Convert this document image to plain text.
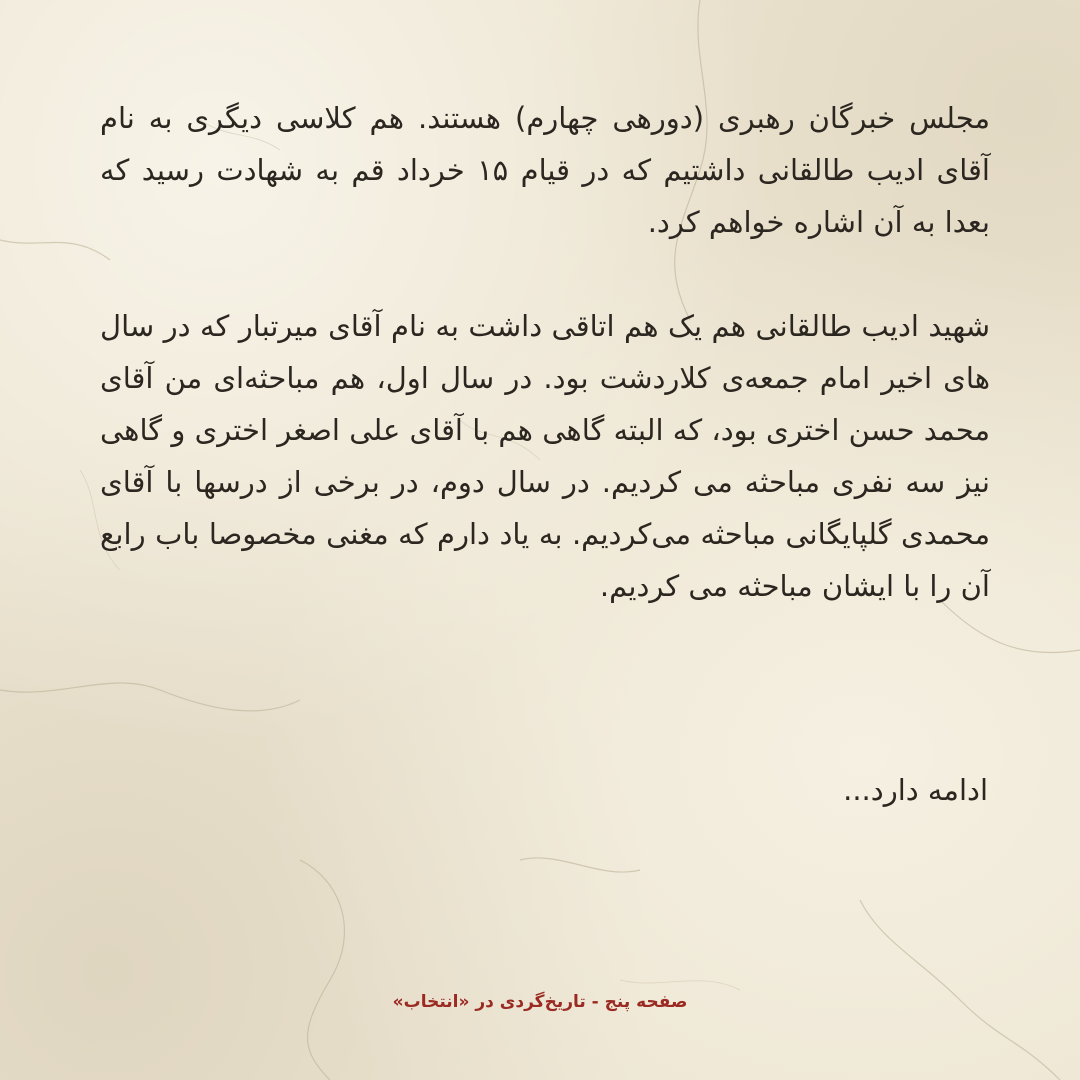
مجلس خبرگان رهبری (دورهی چهارم) هستند. هم کلاسی دیگری به نام آقای ادیب طالقانی داشتیم که در قیام ۱۵ خرداد قم به شهادت رسید که بعدا به آن اشاره خواهم کرد.

شهید ادیب طالقانی هم یک هم اتاقی داشت به نام آقای میرتبار که در سال های اخیر امام جمعه‌ی کلاردشت بود. در سال اول، هم مباحثه‌ای من آقای محمد حسن اختری بود، که البته گاهی هم با آقای علی اصغر اختری و گاهی نیز سه نفری مباحثه می کردیم. در سال دوم، در برخی از درسها با آقای محمدی گلپایگانی مباحثه می‌کردیم. به یاد دارم که مغنی مخصوصا باب رابع آن را با ایشان مباحثه می کردیم.

ادامه دارد...
صفحه پنج - تاریخ‌گردی در «انتخاب»
